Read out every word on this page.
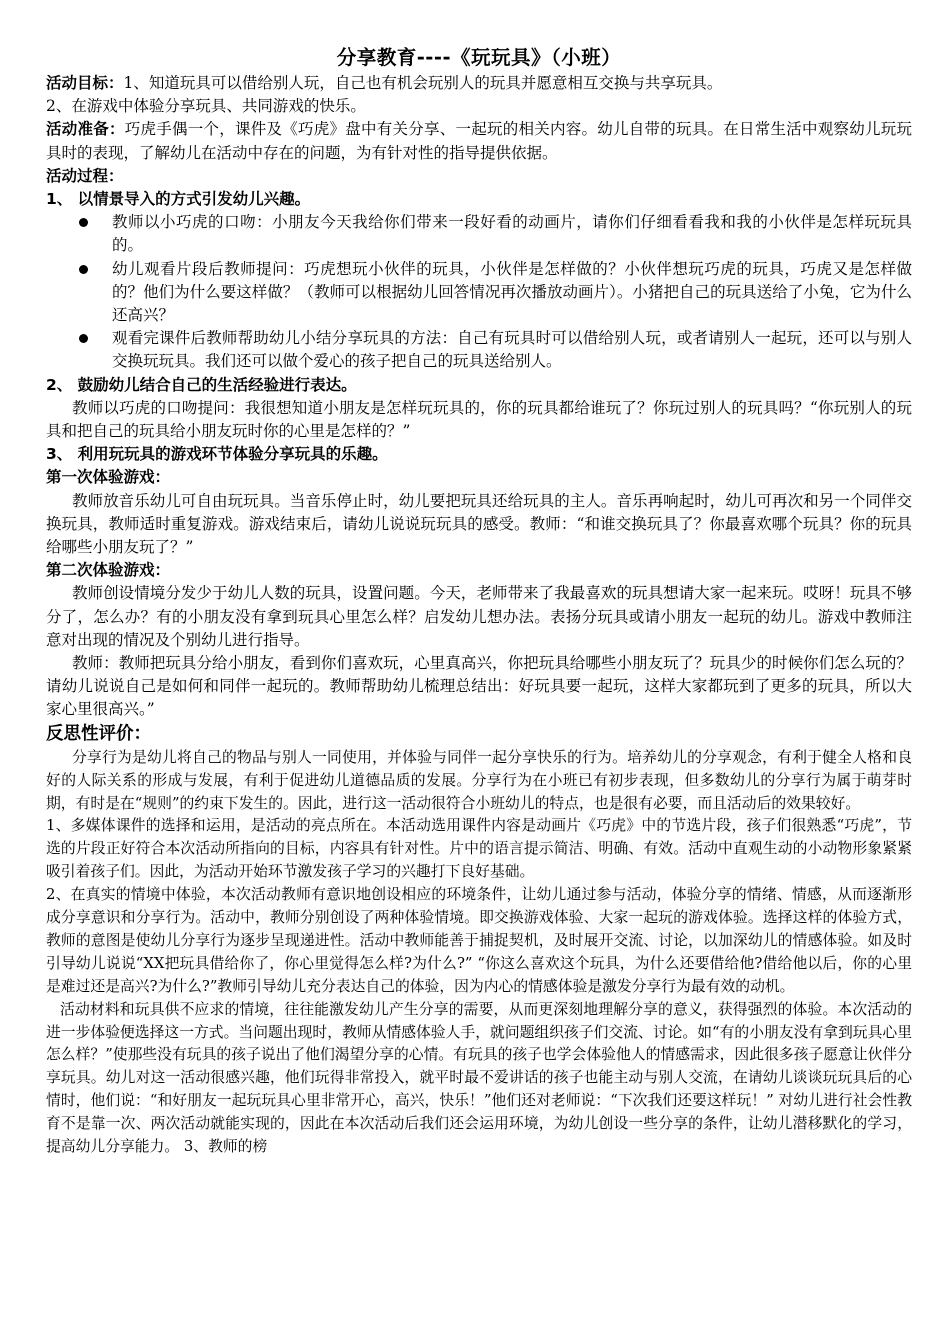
分享教育----《玩玩具》（小班）

活动目标：1、知道玩具可以借给别人玩，自己也有机会玩别人的玩具并愿意相互交换与共享玩具。

2、在游戏中体验分享玩具、共同游戏的快乐。

活动准备：巧虎手偶一个，课件及《巧虎》盘中有关分享、一起玩的相关内容。幼儿自带的玩具。在日常生活中观察幼儿玩玩具时的表现，了解幼儿在活动中存在的问题，为有针对性的指导提供依据。

活动过程：

1、 以情景导入的方式引发幼儿兴趣。

教师以小巧虎的口吻：小朋友今天我给你们带来一段好看的动画片，请你们仔细看看我和我的小伙伴是怎样玩玩具的。
幼儿观看片段后教师提问：巧虎想玩小伙伴的玩具，小伙伴是怎样做的？小伙伴想玩巧虎的玩具，巧虎又是怎样做的？他们为什么要这样做？（教师可以根据幼儿回答情况再次播放动画片）。小猪把自己的玩具送给了小兔，它为什么还高兴？
观看完课件后教师帮助幼儿小结分享玩具的方法：自己有玩具时可以借给别人玩，或者请别人一起玩，还可以与别人交换玩玩具。我们还可以做个爱心的孩子把自己的玩具送给别人。

2、 鼓励幼儿结合自己的生活经验进行表达。

教师以巧虎的口吻提问：我很想知道小朋友是怎样玩玩具的，你的玩具都给谁玩了？你玩过别人的玩具吗？“你玩别人的玩具和把自己的玩具给小朋友玩时你的心里是怎样的？”

3、 利用玩玩具的游戏环节体验分享玩具的乐趣。

第一次体验游戏：

教师放音乐幼儿可自由玩玩具。当音乐停止时，幼儿要把玩具还给玩具的主人。音乐再响起时，幼儿可再次和另一个同伴交换玩具，教师适时重复游戏。游戏结束后，请幼儿说说玩玩具的感受。教师：“和谁交换玩具了？你最喜欢哪个玩具？你的玩具给哪些小朋友玩了？”

第二次体验游戏：

教师创设情境分发少于幼儿人数的玩具，设置问题。今天，老师带来了我最喜欢的玩具想请大家一起来玩。哎呀！玩具不够分了，怎么办？有的小朋友没有拿到玩具心里怎么样？启发幼儿想办法。表扬分玩具或请小朋友一起玩的幼儿。游戏中教师注意对出现的情况及个别幼儿进行指导。

教师：教师把玩具分给小朋友，看到你们喜欢玩，心里真高兴，你把玩具给哪些小朋友玩了？玩具少的时候你们怎么玩的？请幼儿说说自己是如何和同伴一起玩的。教师帮助幼儿梳理总结出：好玩具要一起玩，这样大家都玩到了更多的玩具，所以大家心里很高兴。”

反思性评价：

分享行为是幼儿将自己的物品与别人一同使用，并体验与同伴一起分享快乐的行为。培养幼儿的分享观念，有利于健全人格和良好的人际关系的形成与发展，有利于促进幼儿道德品质的发展。分享行为在小班已有初步表现，但多数幼儿的分享行为属于萌芽时期，有时是在“规则”的约束下发生的。因此，进行这一活动很符合小班幼儿的特点，也是很有必要，而且活动后的效果较好。

1、多媒体课件的选择和运用，是活动的亮点所在。本活动选用课件内容是动画片《巧虎》中的节选片段，孩子们很熟悉“巧虎”，节选的片段正好符合本次活动所指向的目标，内容具有针对性。片中的语言提示简洁、明确、有效。活动中直观生动的小动物形象紧紧吸引着孩子们。因此，为活动开始环节激发孩子学习的兴趣打下良好基础。

2、在真实的情境中体验，本次活动教师有意识地创设相应的环境条件，让幼儿通过参与活动，体验分享的情绪、情感，从而逐渐形成分享意识和分享行为。活动中，教师分别创设了两种体验情境。即交换游戏体验、大家一起玩的游戏体验。选择这样的体验方式，教师的意图是使幼儿分享行为逐步呈现递进性。活动中教师能善于捕捉契机，及时展开交流、讨论，以加深幼儿的情感体验。如及时引导幼儿说说“XX把玩具借给你了，你心里觉得怎么样?为什么?” “你这么喜欢这个玩具，为什么还要借给他?借给他以后，你的心里是难过还是高兴?为什么?”教师引导幼儿充分表达自己的体验，因为内心的情感体验是激发分享行为最有效的动机。

活动材料和玩具供不应求的情境，往往能激发幼儿产生分享的需要，从而更深刻地理解分享的意义，获得强烈的体验。本次活动的进一步体验便选择这一方式。当问题出现时，教师从情感体验人手，就问题组织孩子们交流、讨论。如“有的小朋友没有拿到玩具心里怎么样？”使那些没有玩具的孩子说出了他们渴望分享的心情。有玩具的孩子也学会体验他人的情感需求，因此很多孩子愿意让伙伴分享玩具。幼儿对这一活动很感兴趣，他们玩得非常投入，就平时最不爱讲话的孩子也能主动与别人交流，在请幼儿谈谈玩玩具后的心情时，他们说：“和好朋友一起玩玩具心里非常开心，高兴，快乐！”他们还对老师说：“下次我们还要这样玩！” 对幼儿进行社会性教育不是靠一次、两次活动就能实现的，因此在本次活动后我们还会运用环境，为幼儿创设一些分享的条件，让幼儿潜移默化的学习，提高幼儿分享能力。 3、教师的榜
